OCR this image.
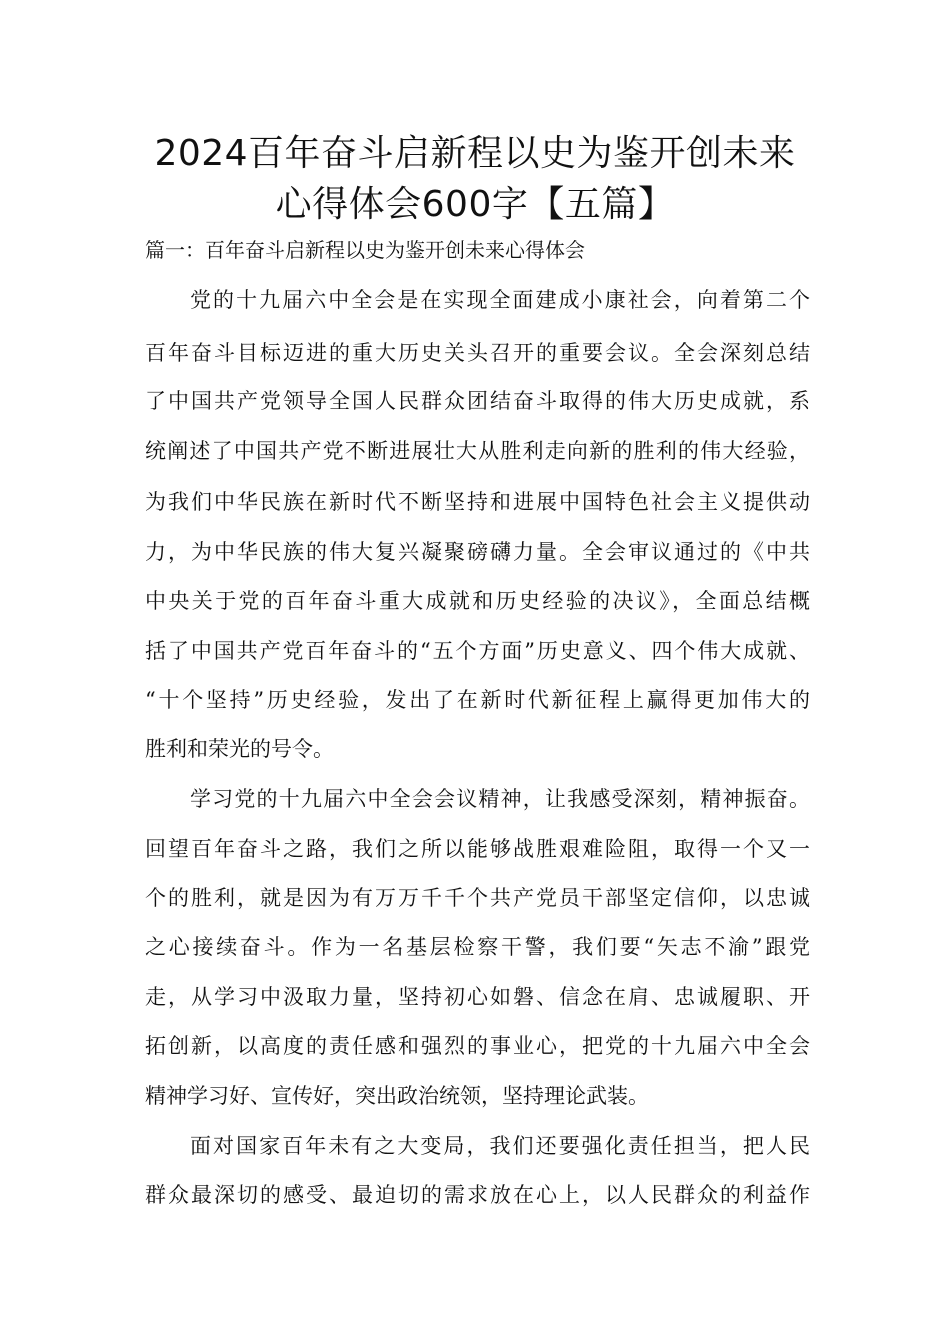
2024百年奋斗启新程以史为鉴开创未来
心得体会600字【五篇】
篇一：百年奋斗启新程以史为鉴开创未来心得体会
党的十九届六中全会是在实现全面建成小康社会，向着第二个
百年奋斗目标迈进的重大历史关头召开的重要会议。全会深刻总结
了中国共产党领导全国人民群众团结奋斗取得的伟大历史成就，系
统阐述了中国共产党不断进展壮大从胜利走向新的胜利的伟大经验，
为我们中华民族在新时代不断坚持和进展中国特色社会主义提供动
力，为中华民族的伟大复兴凝聚磅礴力量。全会审议通过的《中共
中央关于党的百年奋斗重大成就和历史经验的决议》，全面总结概
括了中国共产党百年奋斗的“五个方面”历史意义、四个伟大成就、
“十个坚持”历史经验，发出了在新时代新征程上赢得更加伟大的
胜利和荣光的号令。
学习党的十九届六中全会会议精神，让我感受深刻，精神振奋。
回望百年奋斗之路，我们之所以能够战胜艰难险阻，取得一个又一
个的胜利，就是因为有万万千千个共产党员干部坚定信仰，以忠诚
之心接续奋斗。作为一名基层检察干警，我们要“矢志不渝”跟党
走，从学习中汲取力量，坚持初心如磐、信念在肩、忠诚履职、开
拓创新，以高度的责任感和强烈的事业心，把党的十九届六中全会
精神学习好、宣传好，突出政治统领，坚持理论武装。
面对国家百年未有之大变局，我们还要强化责任担当，把人民
群众最深切的感受、最迫切的需求放在心上，以人民群众的利益作
